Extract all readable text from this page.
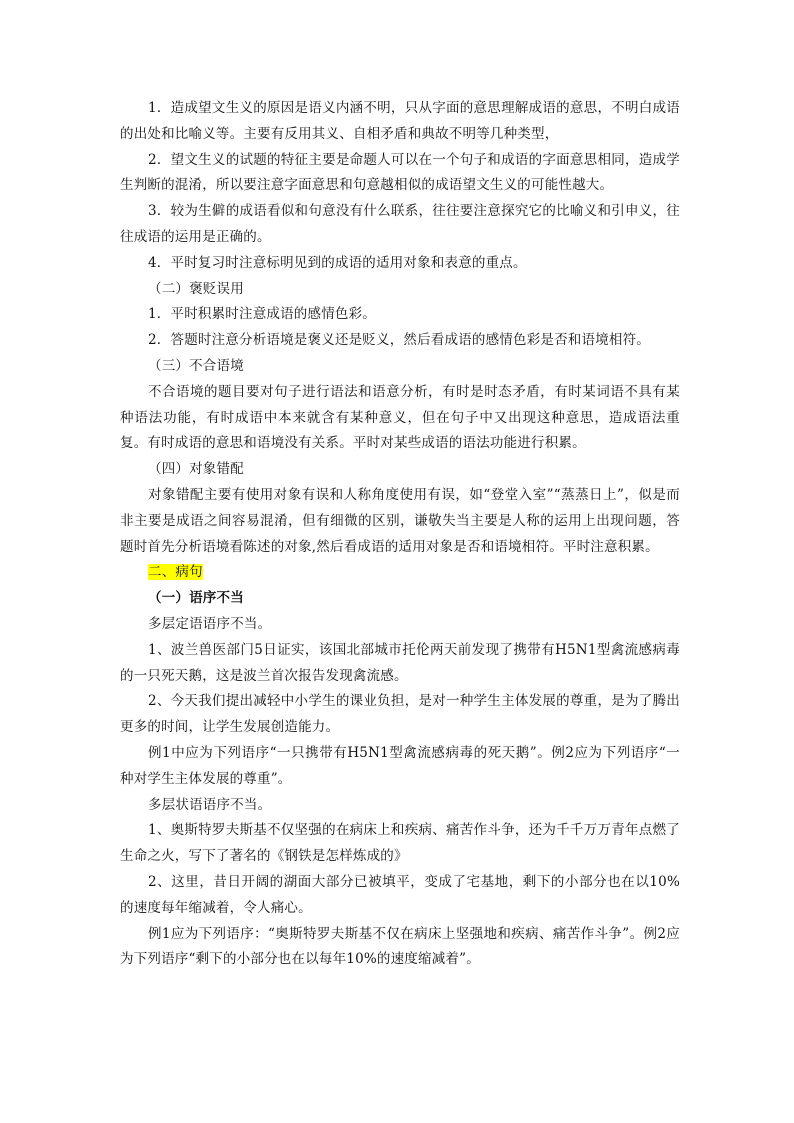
1．造成望文生义的原因是语义内涵不明，只从字面的意思理解成语的意思，不明白成语的出处和比喻义等。主要有反用其义、自相矛盾和典故不明等几种类型，

2．望文生义的试题的特征主要是命题人可以在一个句子和成语的字面意思相同，造成学生判断的混淆，所以要注意字面意思和句意越相似的成语望文生义的可能性越大。

3．较为生僻的成语看似和句意没有什么联系，往往要注意探究它的比喻义和引申义，往往成语的运用是正确的。

4．平时复习时注意标明见到的成语的适用对象和表意的重点。

（二）褒贬误用

1．平时积累时注意成语的感情色彩。

2．答题时注意分析语境是褒义还是贬义，然后看成语的感情色彩是否和语境相符。

（三）不合语境

不合语境的题目要对句子进行语法和语意分析，有时是时态矛盾，有时某词语不具有某种语法功能，有时成语中本来就含有某种意义，但在句子中又出现这种意思，造成语法重复。有时成语的意思和语境没有关系。平时对某些成语的语法功能进行积累。

（四）对象错配

对象错配主要有使用对象有误和人称角度使用有误，如“登堂入室”“蒸蒸日上”，似是而非主要是成语之间容易混淆，但有细微的区别，谦敬失当主要是人称的运用上出现问题，答题时首先分析语境看陈述的对象,然后看成语的适用对象是否和语境相符。平时注意积累。

二、病句

（一）语序不当

多层定语语序不当。

1、波兰兽医部门5日证实，该国北部城市托伦两天前发现了携带有H5N1型禽流感病毒的一只死天鹅，这是波兰首次报告发现禽流感。

2、今天我们提出减轻中小学生的课业负担，是对一种学生主体发展的尊重，是为了腾出更多的时间，让学生发展创造能力。

例1中应为下列语序“一只携带有H5N1型禽流感病毒的死天鹅”。例2应为下列语序“一种对学生主体发展的尊重”。

多层状语语序不当。

1、奥斯特罗夫斯基不仅坚强的在病床上和疾病、痛苦作斗争，还为千千万万青年点燃了生命之火，写下了著名的《钢铁是怎样炼成的》

2、这里，昔日开阔的湖面大部分已被填平，变成了宅基地，剩下的小部分也在以10%的速度每年缩减着，令人痛心。

例1应为下列语序：“奥斯特罗夫斯基不仅在病床上坚强地和疾病、痛苦作斗争”。例2应为下列语序“剩下的小部分也在以每年10%的速度缩减着”。
